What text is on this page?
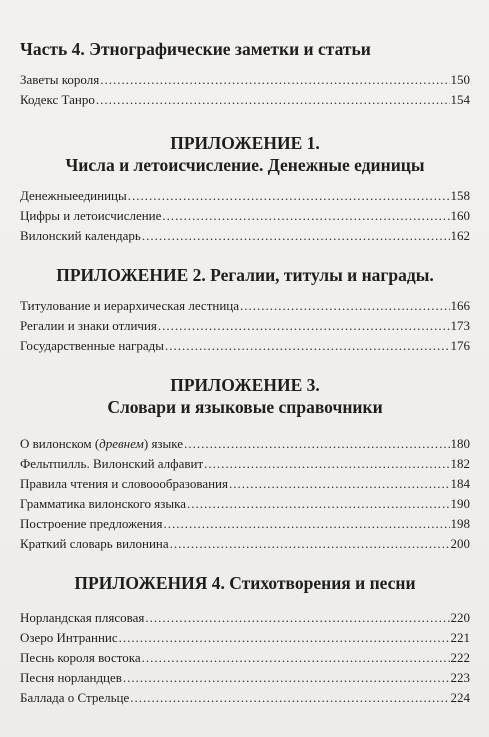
Часть 4. Этнографические заметки и статьи
Заветы короля .....	150
Кодекс Танро .....	154
ПРИЛОЖЕНИЕ 1.
Числа и летоисчисление. Денежные единицы
Денежныеединицы .....	158
Цифры и летоисчисление .....	160
Вилонский календарь .....	162
ПРИЛОЖЕНИЕ 2. Регалии, титулы и награды.
Титулование и иерархическая лестница .....	166
Регалии и знаки отличия .....	173
Государственные награды .....	176
ПРИЛОЖЕНИЕ 3.
Словари и языковые справочники
О вилонском (древнем) языке .....	180
Фельтпилль. Вилонский алфавит .....	182
Правила чтения и словоообразования .....	184
Грамматика вилонского языка .....	190
Построение предложения .....	198
Краткий словарь вилонина .....	200
ПРИЛОЖЕНИЯ 4. Стихотворения и песни
Норландская плясовая .....	220
Озеро Интраннис .....	221
Песнь короля востока .....	222
Песня норландцев .....	223
Баллада о Стрельце .....	224
